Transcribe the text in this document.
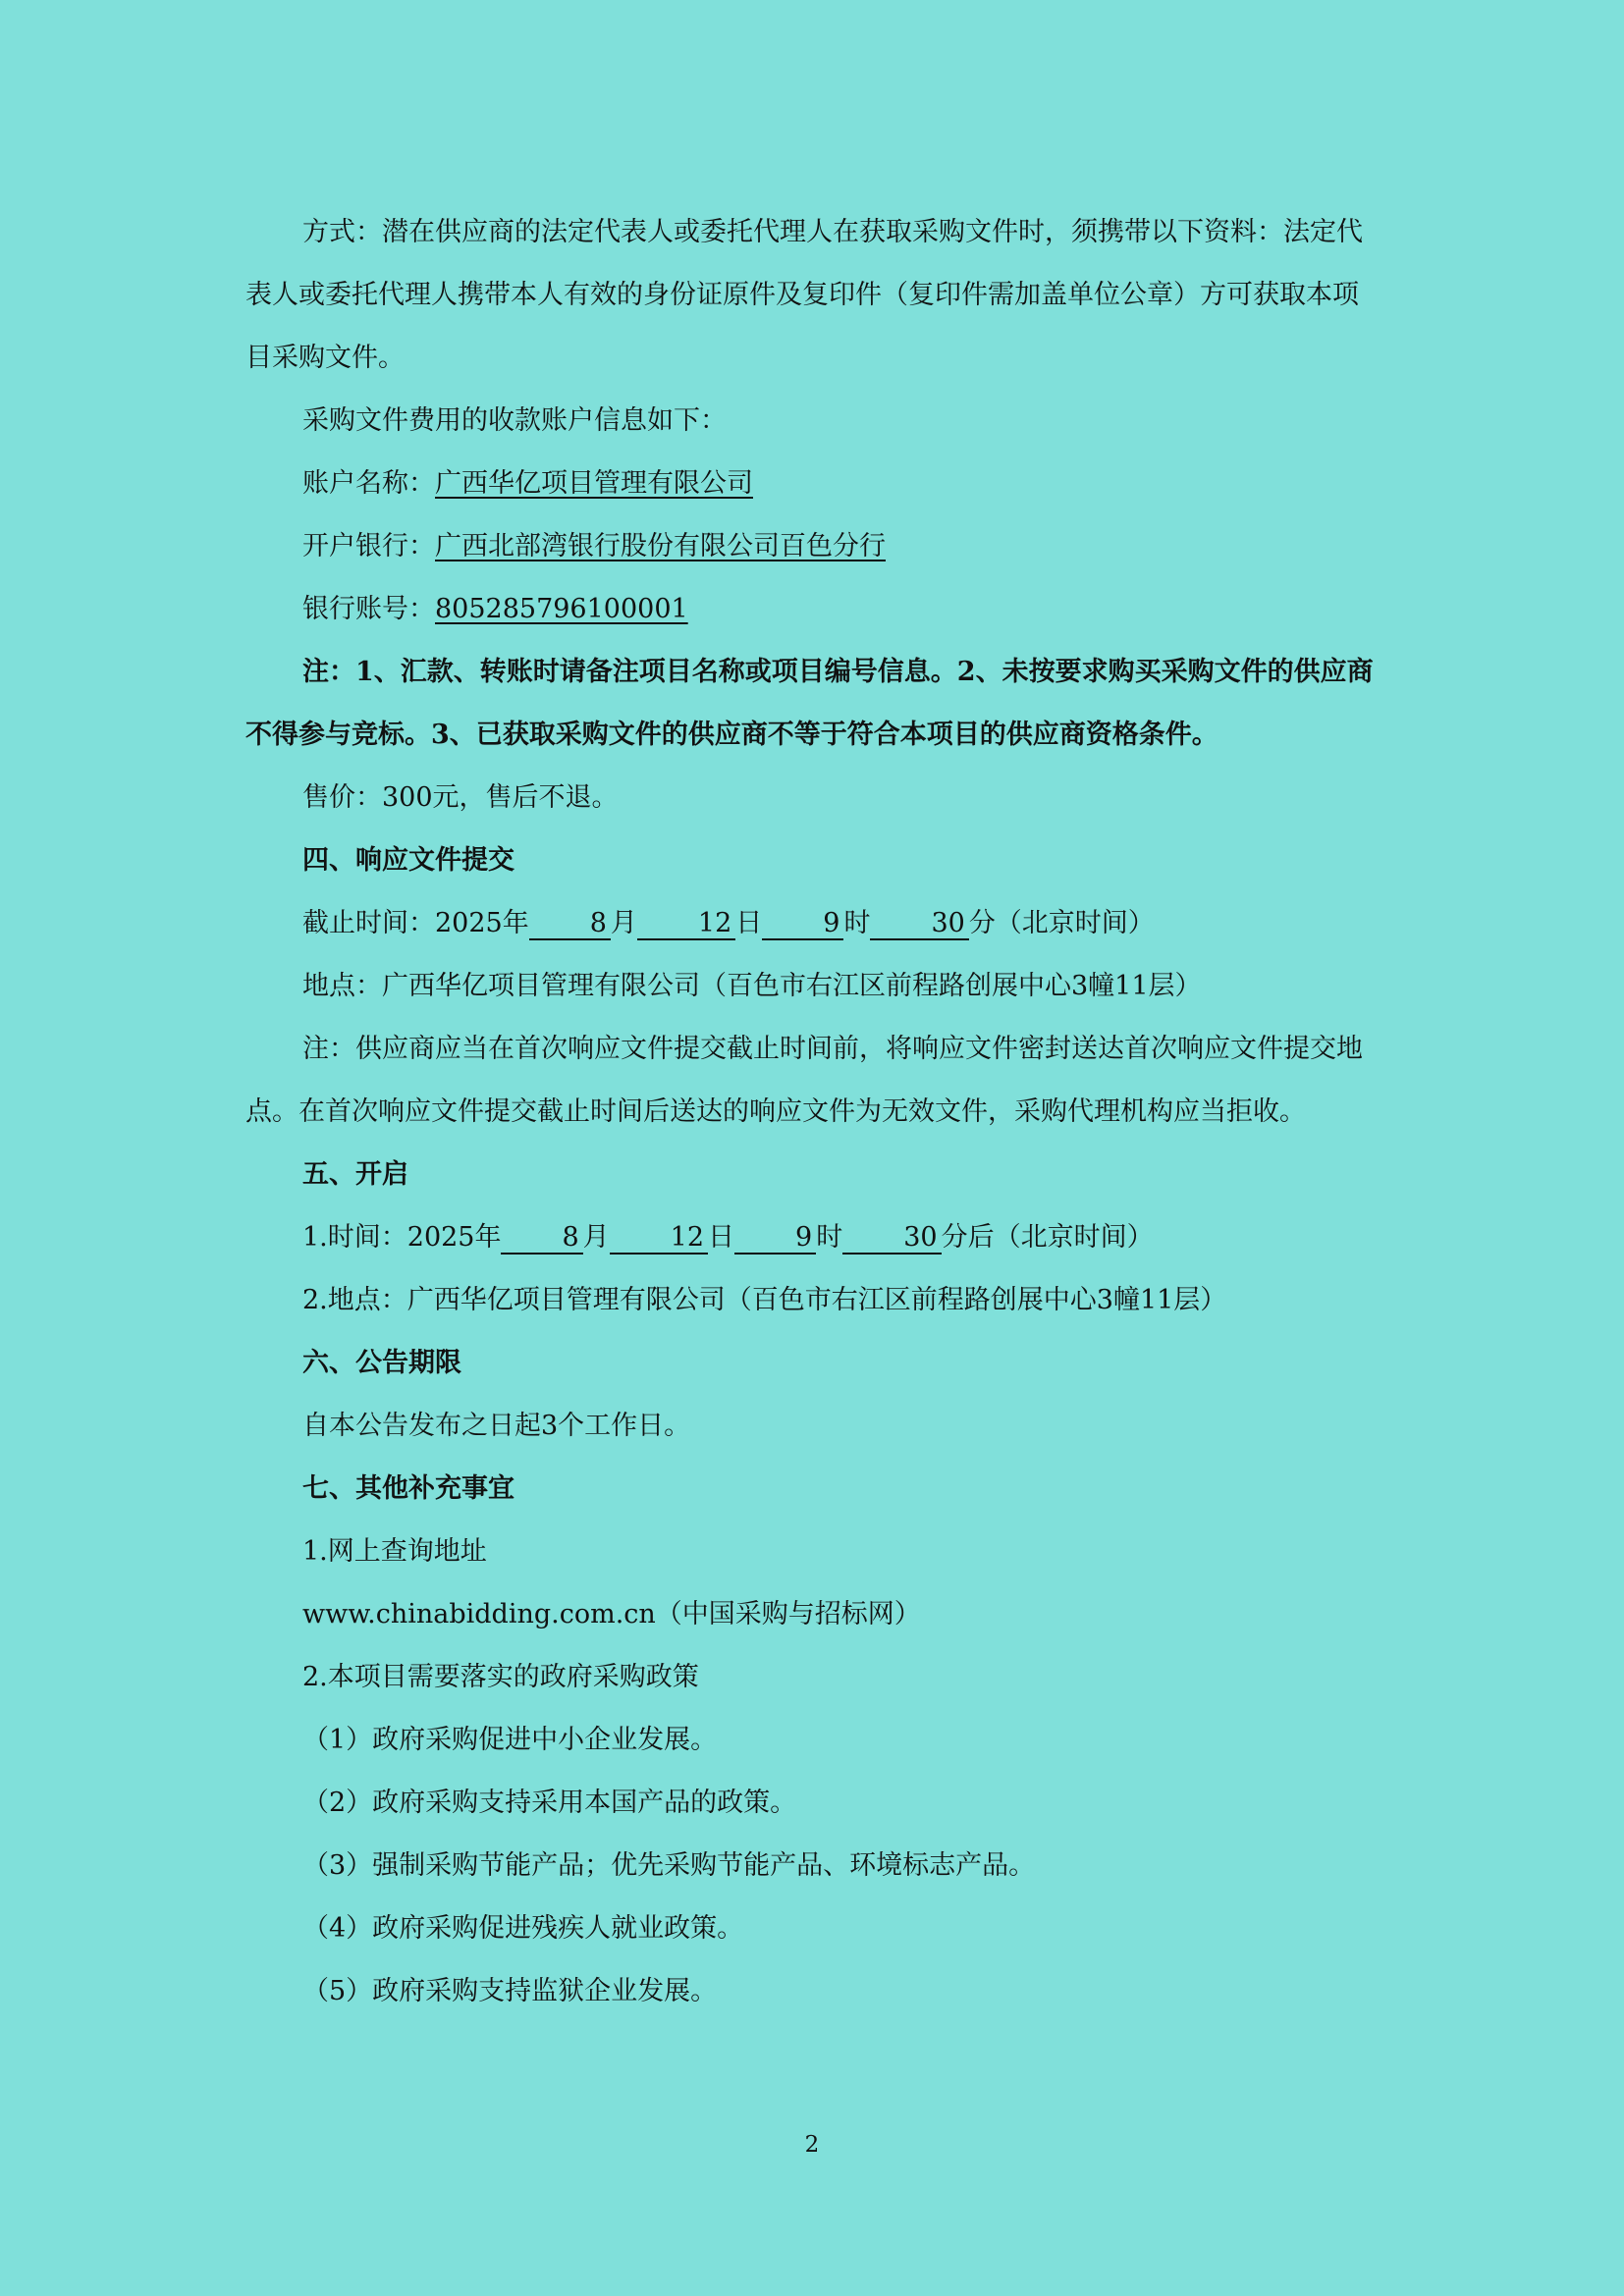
方式：潜在供应商的法定代表人或委托代理人在获取采购文件时，须携带以下资料：法定代表人或委托代理人携带本人有效的身份证原件及复印件（复印件需加盖单位公章）方可获取本项目采购文件。

采购文件费用的收款账户信息如下：

账户名称：广西华亿项目管理有限公司

开户银行：广西北部湾银行股份有限公司百色分行

银行账号：805285796100001

注：1、汇款、转账时请备注项目名称或项目编号信息。2、未按要求购买采购文件的供应商不得参与竞标。3、已获取采购文件的供应商不等于符合本项目的供应商资格条件。

售价：300元，售后不退。

四、响应文件提交

截止时间：2025年 8 月 12 日 9 时 30 分（北京时间）

地点：广西华亿项目管理有限公司（百色市右江区前程路创展中心3幢11层）

注：供应商应当在首次响应文件提交截止时间前，将响应文件密封送达首次响应文件提交地点。在首次响应文件提交截止时间后送达的响应文件为无效文件，采购代理机构应当拒收。

五、开启

1.时间：2025年 8 月 12 日 9 时 30 分后（北京时间）

2.地点：广西华亿项目管理有限公司（百色市右江区前程路创展中心3幢11层）

六、公告期限

自本公告发布之日起3个工作日。

七、其他补充事宜

1.网上查询地址

www.chinabidding.com.cn（中国采购与招标网）

2.本项目需要落实的政府采购政策

（1）政府采购促进中小企业发展。

（2）政府采购支持采用本国产品的政策。

（3）强制采购节能产品；优先采购节能产品、环境标志产品。

（4）政府采购促进残疾人就业政策。

（5）政府采购支持监狱企业发展。

2
